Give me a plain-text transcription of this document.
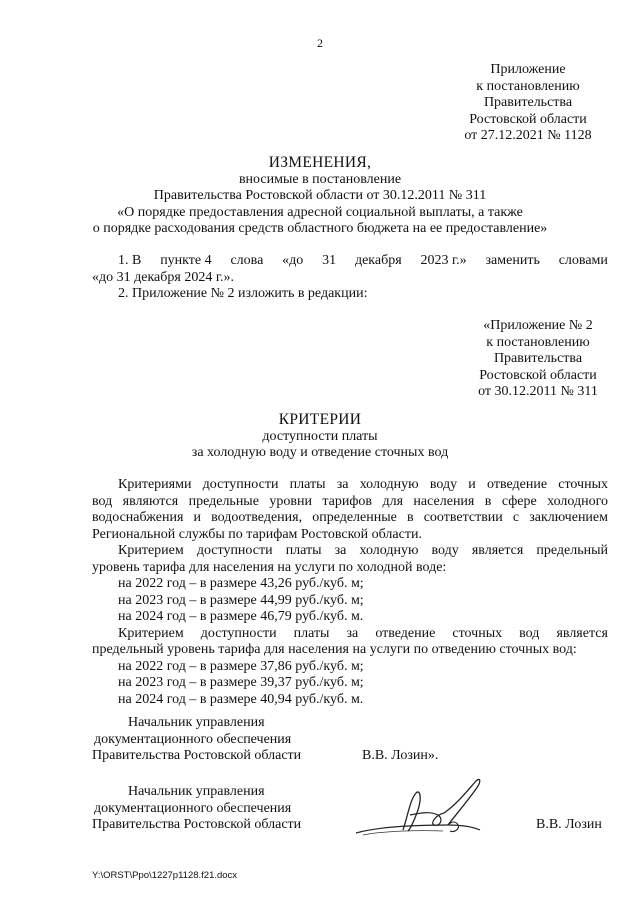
2
Приложение
к постановлению
Правительства
Ростовской области
от 27.12.2021 № 1128
ИЗМЕНЕНИЯ,
вносимые в постановление
Правительства Ростовской области от 30.12.2011 № 311
«О порядке предоставления адресной социальной выплаты, а также
о порядке расходования средств областного бюджета на ее предоставление»
1. В пункте 4 слова «до 31 декабря 2023 г.» заменить словами
«до 31 декабря 2024 г.».
2. Приложение № 2 изложить в редакции:
«Приложение № 2
к постановлению
Правительства
Ростовской области
от 30.12.2011 № 311
КРИТЕРИИ
доступности платы
за холодную воду и отведение сточных вод
Критериями доступности платы за холодную воду и отведение сточных
вод являются предельные уровни тарифов для населения в сфере холодного
водоснабжения и водоотведения, определенные в соответствии с заключением
Региональной службы по тарифам Ростовской области.
Критерием доступности платы за холодную воду является предельный
уровень тарифа для населения на услуги по холодной воде:
на 2022 год – в размере 43,26 руб./куб. м;
на 2023 год – в размере 44,99 руб./куб. м;
на 2024 год – в размере 46,79 руб./куб. м.
Критерием доступности платы за отведение сточных вод является
предельный уровень тарифа для населения на услуги по отведению сточных вод:
на 2022 год – в размере 37,86 руб./куб. м;
на 2023 год – в размере 39,37 руб./куб. м;
на 2024 год – в размере 40,94 руб./куб. м.
Начальник управления
документационного обеспечения
Правительства Ростовской области	В.В. Лозин».
Начальник управления
документационного обеспечения
Правительства Ростовской области	В.В. Лозин
Y:\ORST\Ppo\1227p1128.f21.docx
